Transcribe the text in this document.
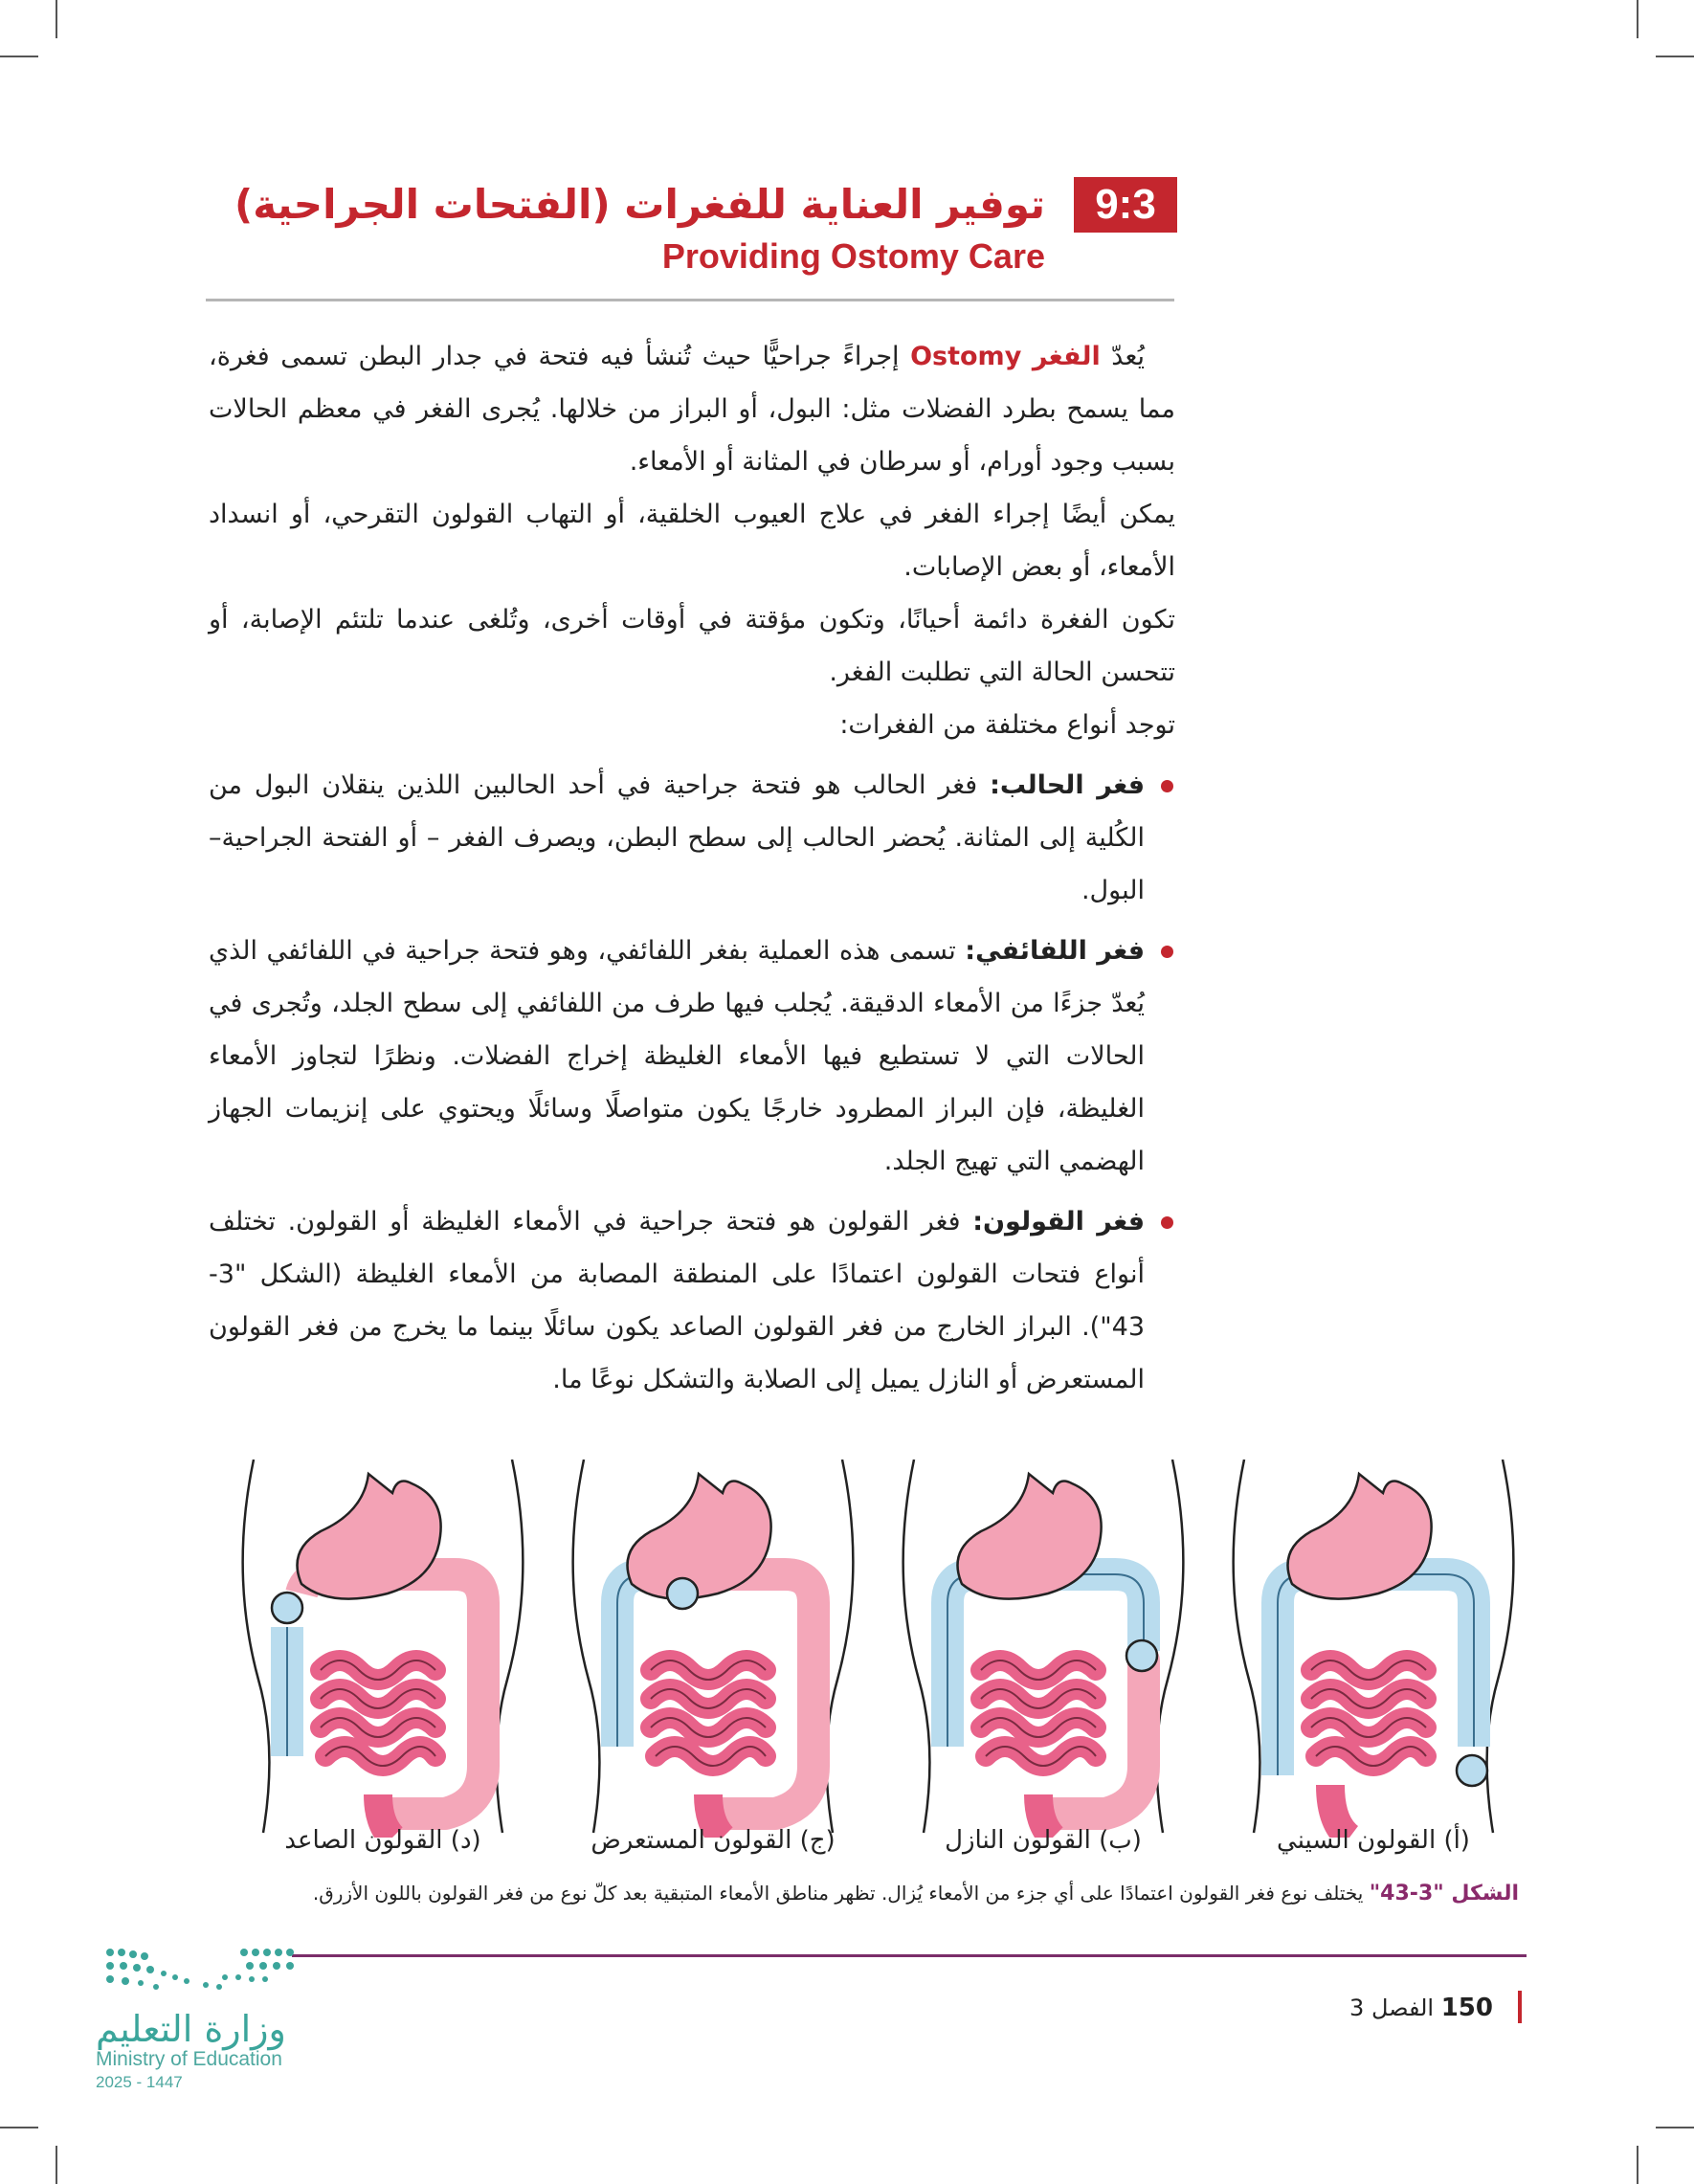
9:3
توفير العناية للفغرات (الفتحات الجراحية)
Providing Ostomy Care

يُعدّ الفغر Ostomy إجراءً جراحيًّا حيث تُنشأ فيه فتحة في جدار البطن تسمى فغرة، مما يسمح بطرد الفضلات مثل: البول، أو البراز من خلالها. يُجرى الفغر في معظم الحالات بسبب وجود أورام، أو سرطان في المثانة أو الأمعاء.

يمكن أيضًا إجراء الفغر في علاج العيوب الخلقية، أو التهاب القولون التقرحي، أو انسداد الأمعاء، أو بعض الإصابات.

تكون الفغرة دائمة أحيانًا، وتكون مؤقتة في أوقات أخرى، وتُلغى عندما تلتئم الإصابة، أو تتحسن الحالة التي تطلبت الفغر.

توجد أنواع مختلفة من الفغرات:

فغر الحالب: فغر الحالب هو فتحة جراحية في أحد الحالبين اللذين ينقلان البول من الكُلية إلى المثانة. يُحضر الحالب إلى سطح البطن، ويصرف الفغر – أو الفتحة الجراحية– البول.
فغر اللفائفي: تسمى هذه العملية بفغر اللفائفي، وهو فتحة جراحية في اللفائفي الذي يُعدّ جزءًا من الأمعاء الدقيقة. يُجلب فيها طرف من اللفائفي إلى سطح الجلد، وتُجرى في الحالات التي لا تستطيع فيها الأمعاء الغليظة إخراج الفضلات. ونظرًا لتجاوز الأمعاء الغليظة، فإن البراز المطرود خارجًا يكون متواصلًا وسائلًا ويحتوي على إنزيمات الجهاز الهضمي التي تهيج الجلد.
فغر القولون: فغر القولون هو فتحة جراحية في الأمعاء الغليظة أو القولون. تختلف أنواع فتحات القولون اعتمادًا على المنطقة المصابة من الأمعاء الغليظة (الشكل "3-43"). البراز الخارج من فغر القولون الصاعد يكون سائلًا بينما ما يخرج من فغر القولون المستعرض أو النازل يميل إلى الصلابة والتشكل نوعًا ما.
(أ) القولون السيني
(ب) القولون النازل
(ج) القولون المستعرض
(د) القولون الصاعد
الشكل "3-43" يختلف نوع فغر القولون اعتمادًا على أي جزء من الأمعاء يُزال. تظهر مناطق الأمعاء المتبقية بعد كلّ نوع من فغر القولون باللون الأزرق.
وزارة التعليم
Ministry of Education
2025 - 1447
150 الفصل 3
